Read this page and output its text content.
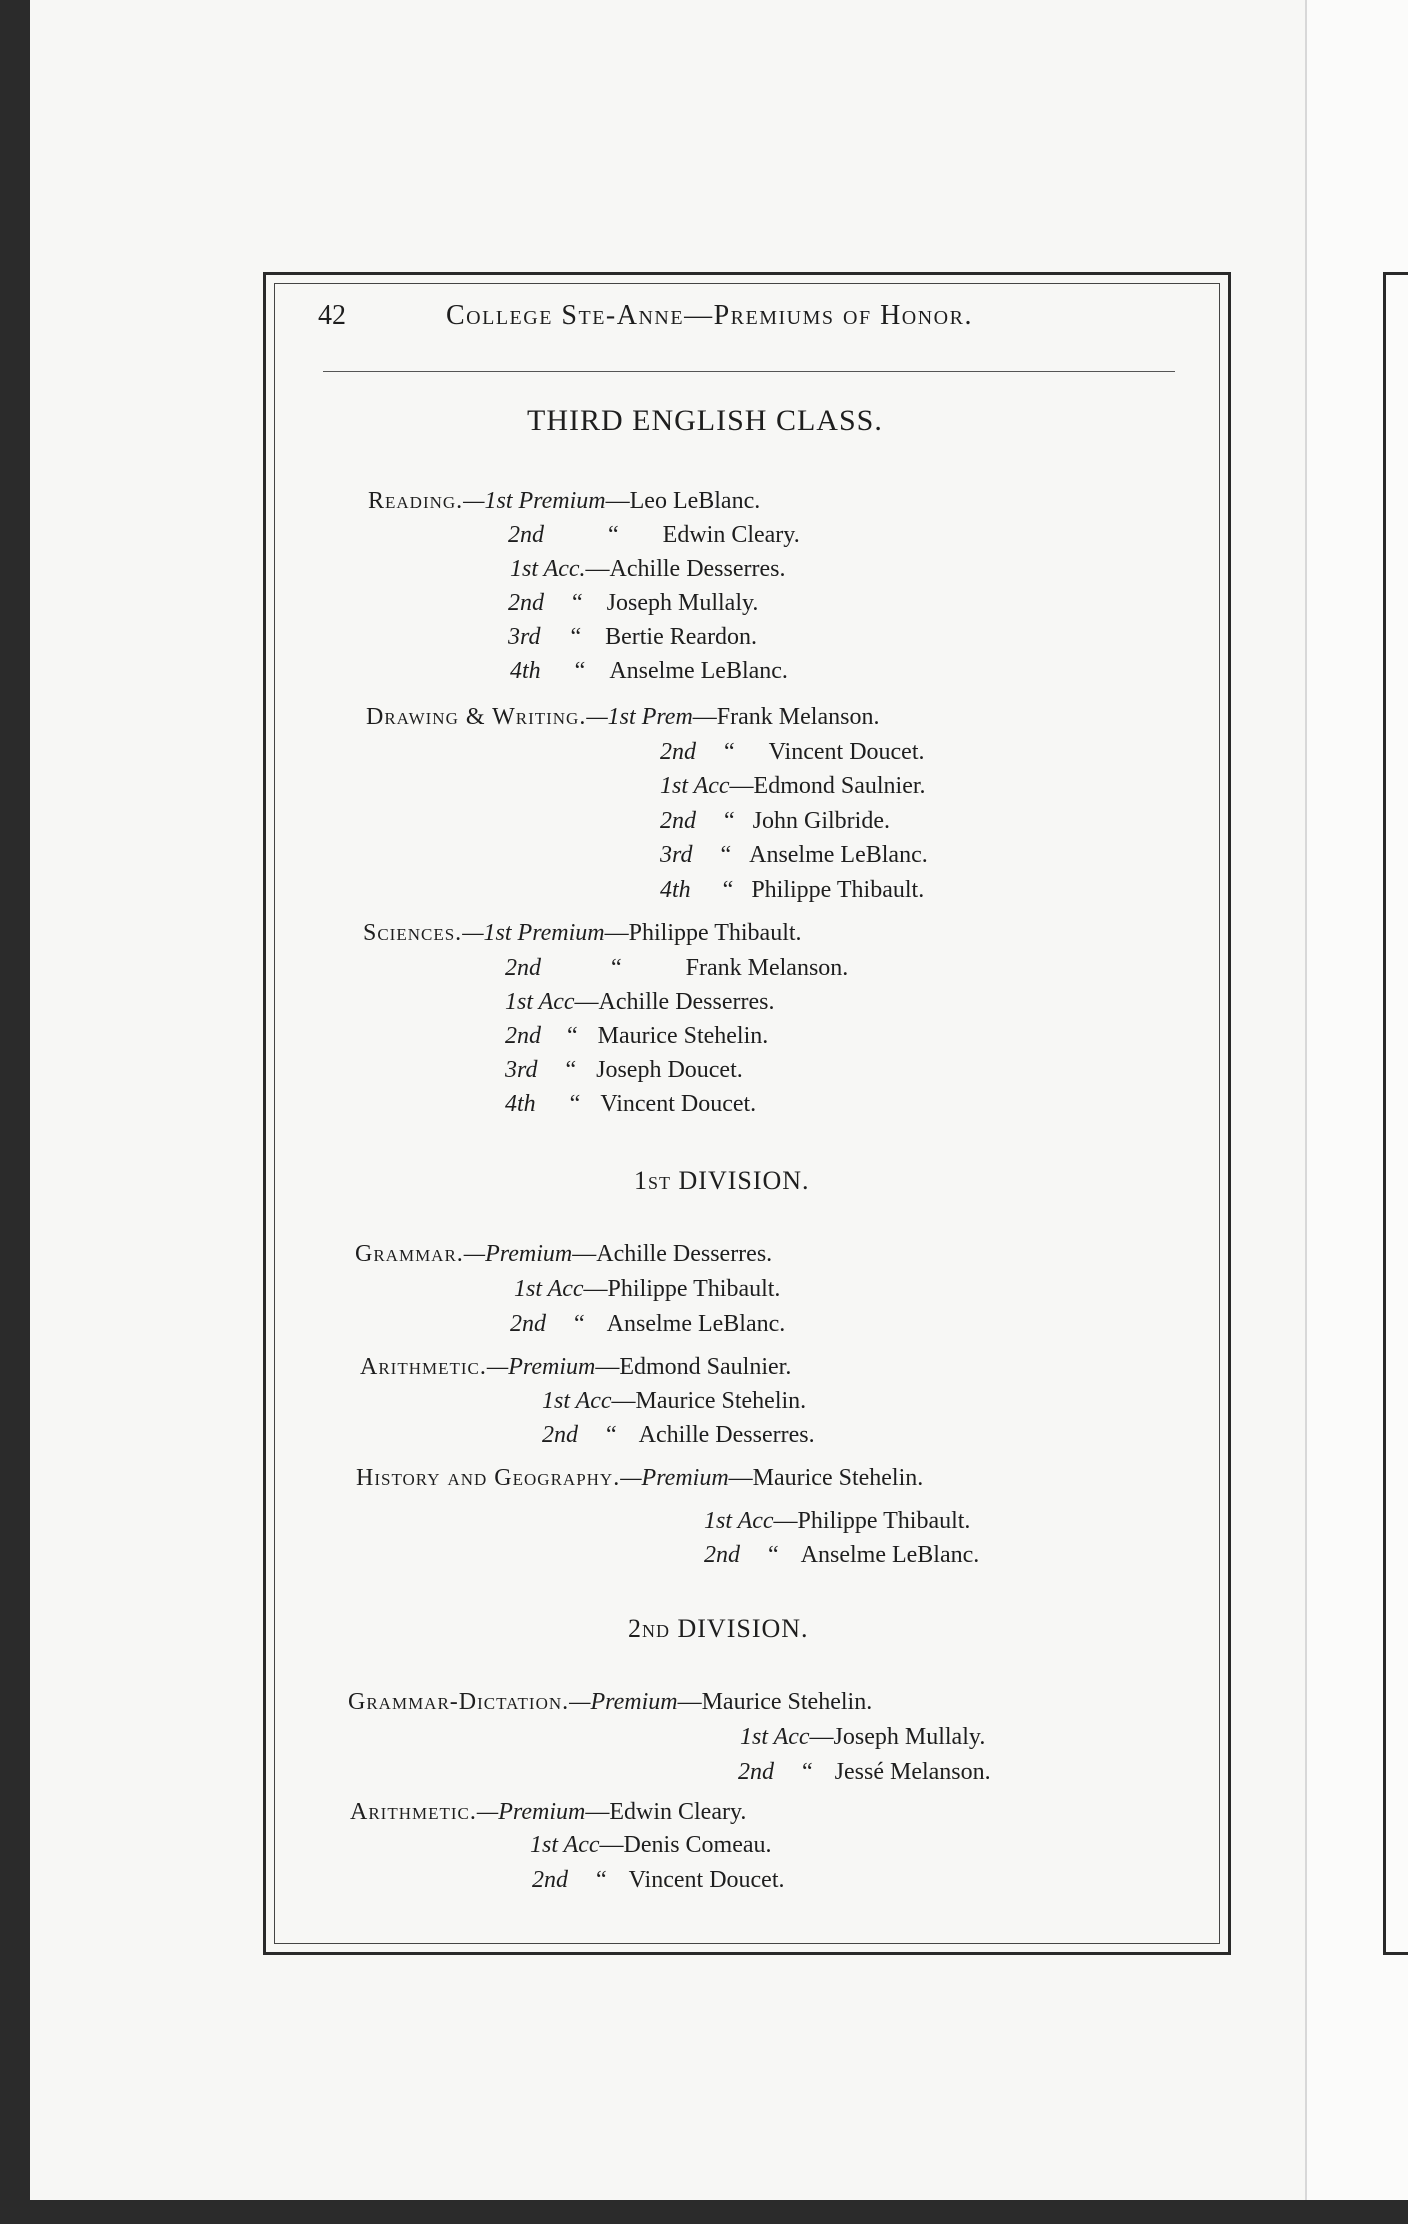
42	College Ste-Anne—Premiums of Honor.
THIRD ENGLISH CLASS.
Reading.—1st Premium—Leo LeBlanc.
2nd	“ Edwin Cleary.
1st Acc.—Achille Desserres.
2nd “ Joseph Mullaly.
3rd “ Bertie Reardon.
4th “ Anselme LeBlanc.
Drawing & Writing.—1st Prem—Frank Melanson.
2nd “ Vincent Doucet.
1st Acc—Edmond Saulnier.
2nd “ John Gilbride.
3rd “ Anselme LeBlanc.
4th “ Philippe Thibault.
Sciences.—1st Premium—Philippe Thibault.
2nd	“	Frank Melanson.
1st Acc—Achille Desserres.
2nd “ Maurice Stehelin.
3rd “ Joseph Doucet.
4th “ Vincent Doucet.
1st DIVISION.
Grammar.—Premium—Achille Desserres.
1st Acc—Philippe Thibault.
2nd “ Anselme LeBlanc.
Arithmetic.—Premium—Edmond Saulnier.
1st Acc—Maurice Stehelin.
2nd “ Achille Desserres.
History and Geography.—Premium—Maurice Stehelin.
1st Acc—Philippe Thibault.
2nd “ Anselme LeBlanc.
2nd DIVISION.
Grammar-Dictation.—Premium—Maurice Stehelin.
1st Acc—Joseph Mullaly.
2nd “ Jessé Melanson.
Arithmetic.—Premium—Edwin Cleary.
1st Acc—Denis Comeau.
2nd “ Vincent Doucet.
